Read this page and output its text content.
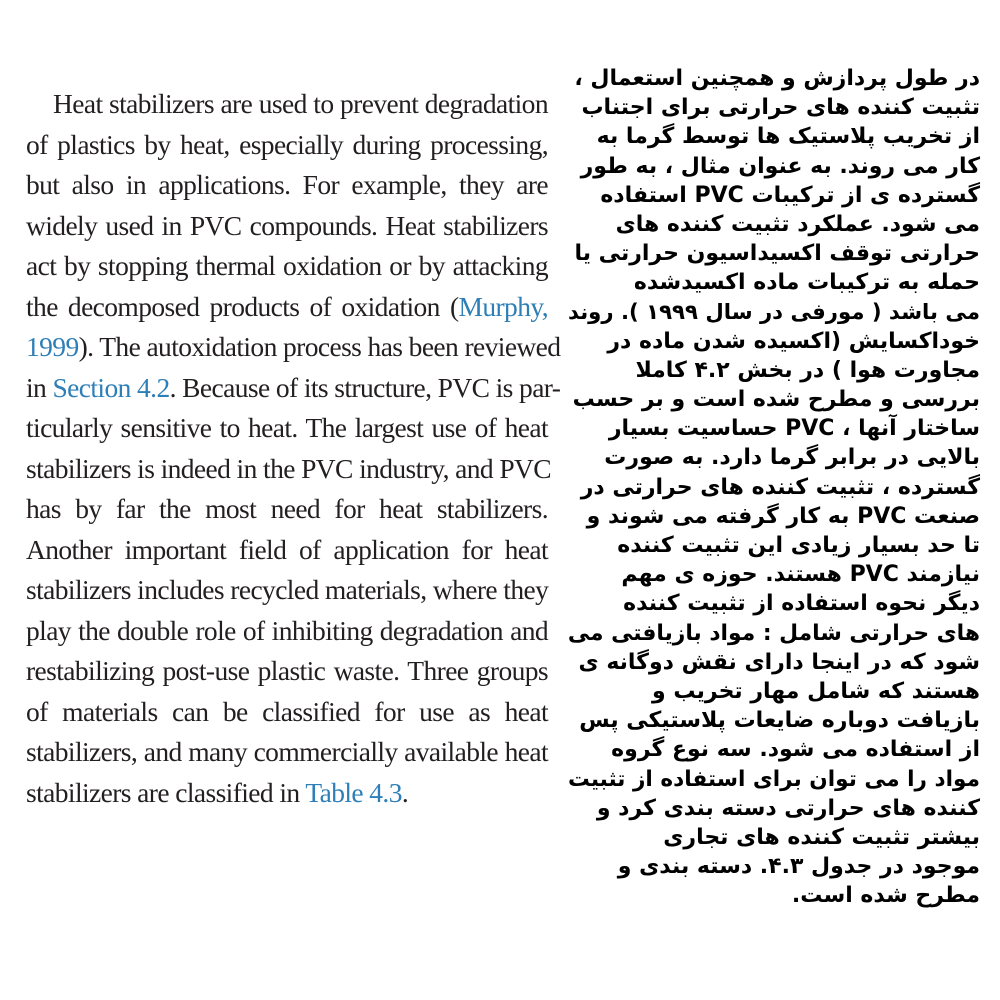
Heat stabilizers are used to prevent degradation
of plastics by heat, especially during processing,
but also in applications. For example, they are
widely used in PVC compounds. Heat stabilizers
act by stopping thermal oxidation or by attacking
the decomposed products of oxidation (Murphy,
1999). The autoxidation process has been reviewed
in Section 4.2. Because of its structure, PVC is par-
ticularly sensitive to heat. The largest use of heat
stabilizers is indeed in the PVC industry, and PVC
has by far the most need for heat stabilizers.
Another important field of application for heat
stabilizers includes recycled materials, where they
play the double role of inhibiting degradation and
restabilizing post-use plastic waste. Three groups
of materials can be classified for use as heat
stabilizers, and many commercially available heat
stabilizers are classified in Table 4.3.
در طول پردازش و همچنین استعمال ،
تثبیت کننده های حرارتی برای اجتناب
از تخریب پلاستیک ها توسط گرما به
کار می روند. به عنوان مثال ، به طور
گسترده ی از ترکیبات PVC استفاده
می شود. عملکرد تثبیت کننده های
حرارتی توقف اکسیداسیون حرارتی یا
حمله به ترکیبات ماده اکسیدشده
می باشد ( مورفی در سال ۱۹۹۹ ). روند
خوداکسایش (اکسیده شدن ماده در
مجاورت هوا ) در بخش ۴.۲ کاملا
بررسی و مطرح شده است و بر حسب
ساختار آنها ، PVC حساسیت بسیار
بالایی در برابر گرما دارد. به صورت
گسترده ، تثبیت کننده های حرارتی در
صنعت PVC به کار گرفته می شوند و
تا حد بسیار زیادی این تثبیت کننده
نیازمند PVC هستند. حوزه ی مهم
دیگر نحوه استفاده از تثبیت کننده
های حرارتی شامل : مواد بازیافتی می
شود که در اینجا دارای نقش دوگانه ی
هستند که شامل مهار تخریب و
بازیافت دوباره ضایعات پلاستیکی پس
از استفاده می شود. سه نوع گروه
مواد را می توان برای استفاده از تثبیت
کننده های حرارتی دسته بندی کرد و
بیشتر تثبیت کننده های تجاری
موجود در جدول ۴.۳. دسته بندی و
مطرح شده است.
